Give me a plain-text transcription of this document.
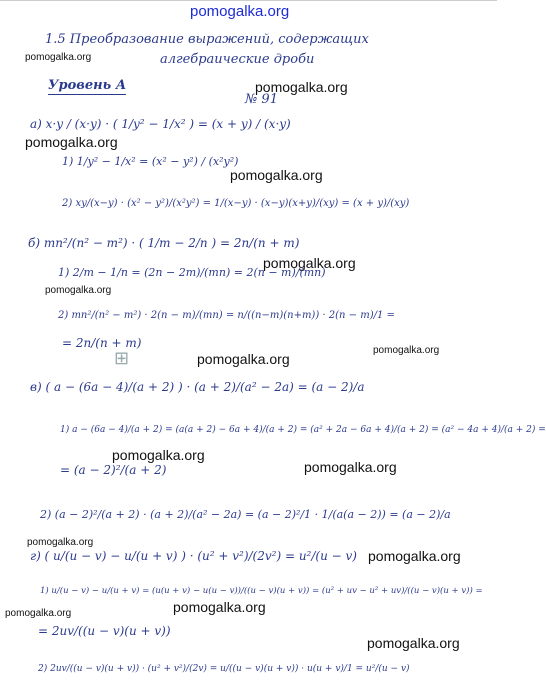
pomogalka.org
pomogalka.org
pomogalka.org
pomogalka.org
pomogalka.org
pomogalka.org
pomogalka.org
pomogalka.org
pomogalka.org
pomogalka.org
pomogalka.org
pomogalka.org
pomogalka.org
pomogalka.org
pomogalka.org
pomogalka.org
1.5 Преобразование выражений, содержащих
алгебраические дроби
Уровень А
№ 91
а) x·y / (x·y) · ( 1/y² − 1/x² ) = (x + y) / (x·y)
1) 1/y² − 1/x² = (x² − y²) / (x²y²)
2) xy/(x−y) · (x² − y²)/(x²y²) = 1/(x−y) · (x−y)(x+y)/(xy) = (x + y)/(xy)
б) mn²/(n² − m²) · ( 1/m − 2/n ) = 2n/(n + m)
1) 2/m − 1/n = (2n − 2m)/(mn) = 2(n − m)/(mn)
2) mn²/(n² − m²) · 2(n − m)/(mn) = n/((n−m)(n+m)) · 2(n − m)/1 =
= 2n/(n + m)
⊞
в) ( a − (6a − 4)/(a + 2) ) · (a + 2)/(a² − 2a) = (a − 2)/a
1) a − (6a − 4)/(a + 2) = (a(a + 2) − 6a + 4)/(a + 2) = (a² + 2a − 6a + 4)/(a + 2) = (a² − 4a + 4)/(a + 2) =
= (a − 2)²/(a + 2)
2) (a − 2)²/(a + 2) · (a + 2)/(a² − 2a) = (a − 2)²/1 · 1/(a(a − 2)) = (a − 2)/a
г) ( u/(u − v) − u/(u + v) ) · (u² + v²)/(2v²) = u²/(u − v)
1) u/(u − v) − u/(u + v) = (u(u + v) − u(u − v))/((u − v)(u + v)) = (u² + uv − u² + uv)/((u − v)(u + v)) =
= 2uv/((u − v)(u + v))
2) 2uv/((u − v)(u + v)) · (u² + v²)/(2v) = u/((u − v)(u + v)) · u(u + v)/1 = u²/(u − v)
